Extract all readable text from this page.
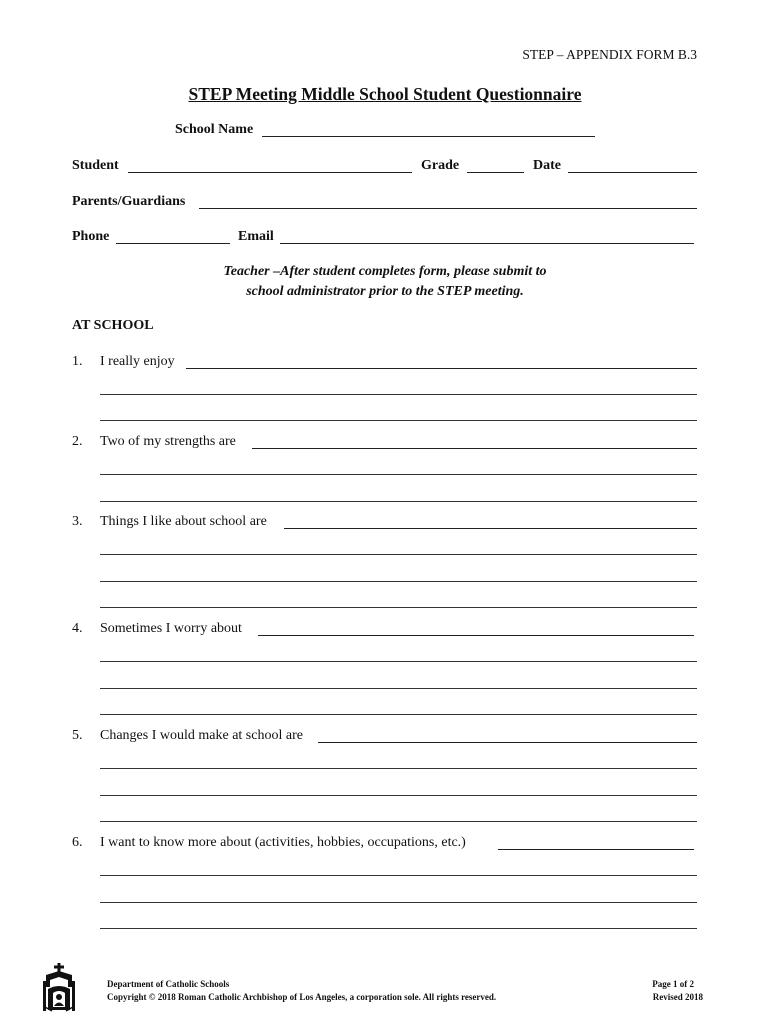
STEP – APPENDIX FORM B.3
STEP Meeting Middle School Student Questionnaire
School Name
Student	Grade	Date
Parents/Guardians
Phone	Email
Teacher –After student completes form, please submit to
school administrator prior to the STEP meeting.
AT SCHOOL
1. I really enjoy
2. Two of my strengths are
3. Things I like about school are
4. Sometimes I worry about
5. Changes I would make at school are
6. I want to know more about (activities, hobbies, occupations, etc.)
Department of Catholic Schools
Copyright © 2018 Roman Catholic Archbishop of Los Angeles, a corporation sole. All rights reserved.
Page 1 of 2
Revised 2018
